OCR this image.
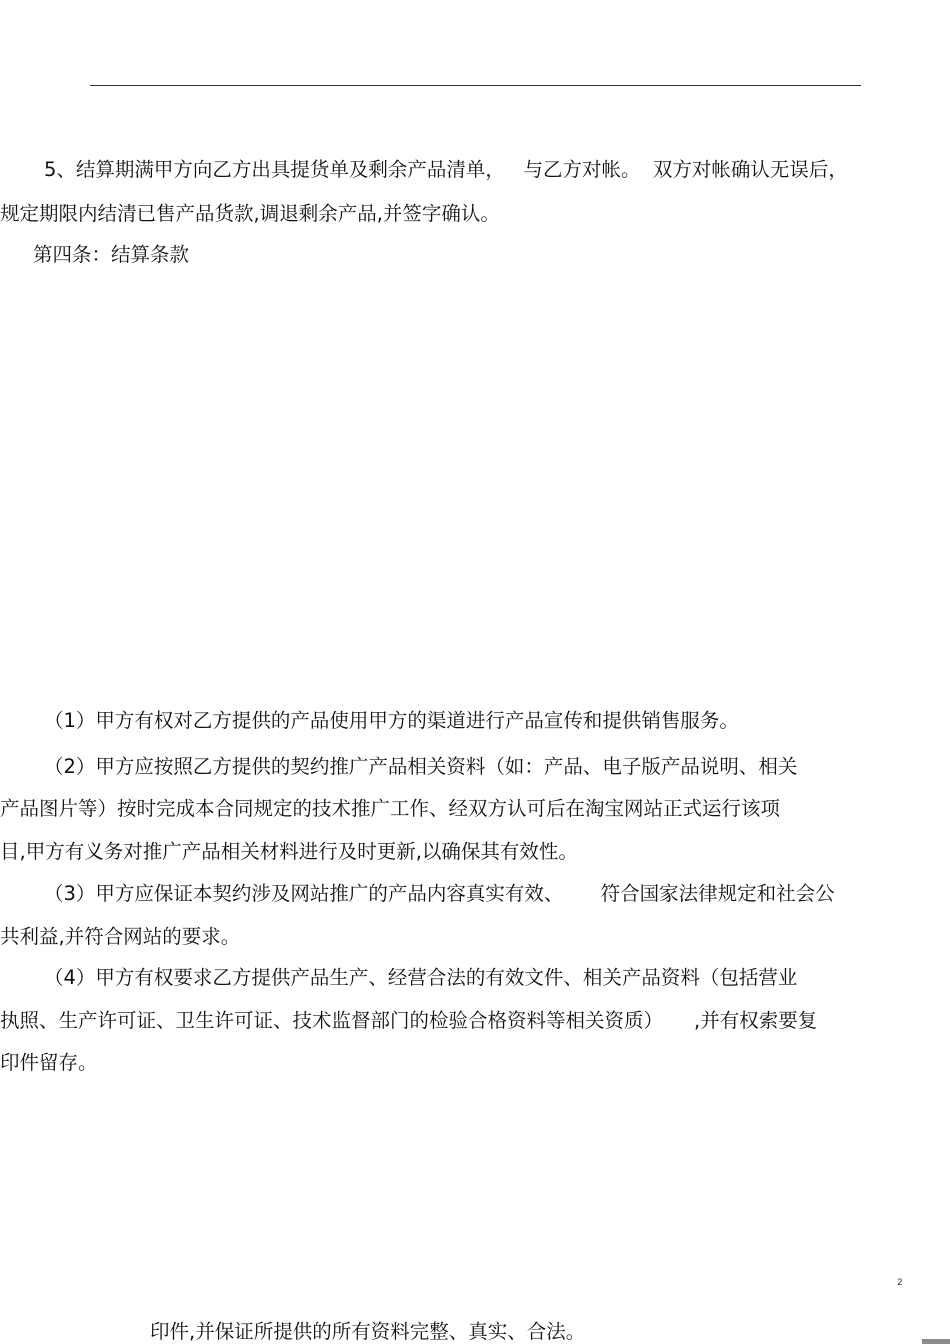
5、结算期满甲方向乙方出具提货单及剩余产品清单，   与乙方对帐。  双方对帐确认无误后，

规定期限内结清已售产品货款,调退剩余产品,并签字确认。

第四条：结算条款

（1）甲方有权对乙方提供的产品使用甲方的渠道进行产品宣传和提供销售服务。

（2）甲方应按照乙方提供的契约推广产品相关资料（如：产品、电子版产品说明、相关

产品图片等）按时完成本合同规定的技术推广工作、经双方认可后在淘宝网站正式运行该项

目,甲方有义务对推广产品相关材料进行及时更新,以确保其有效性。

（3）甲方应保证本契约涉及网站推广的产品内容真实有效、      符合国家法律规定和社会公

共利益,并符合网站的要求。

（4）甲方有权要求乙方提供产品生产、经营合法的有效文件、相关产品资料（包括营业

执照、生产许可证、卫生许可证、技术监督部门的检验合格资料等相关资质）     ,并有权索要复

印件留存。

2

印件,并保证所提供的所有资料完整、真实、合法。
